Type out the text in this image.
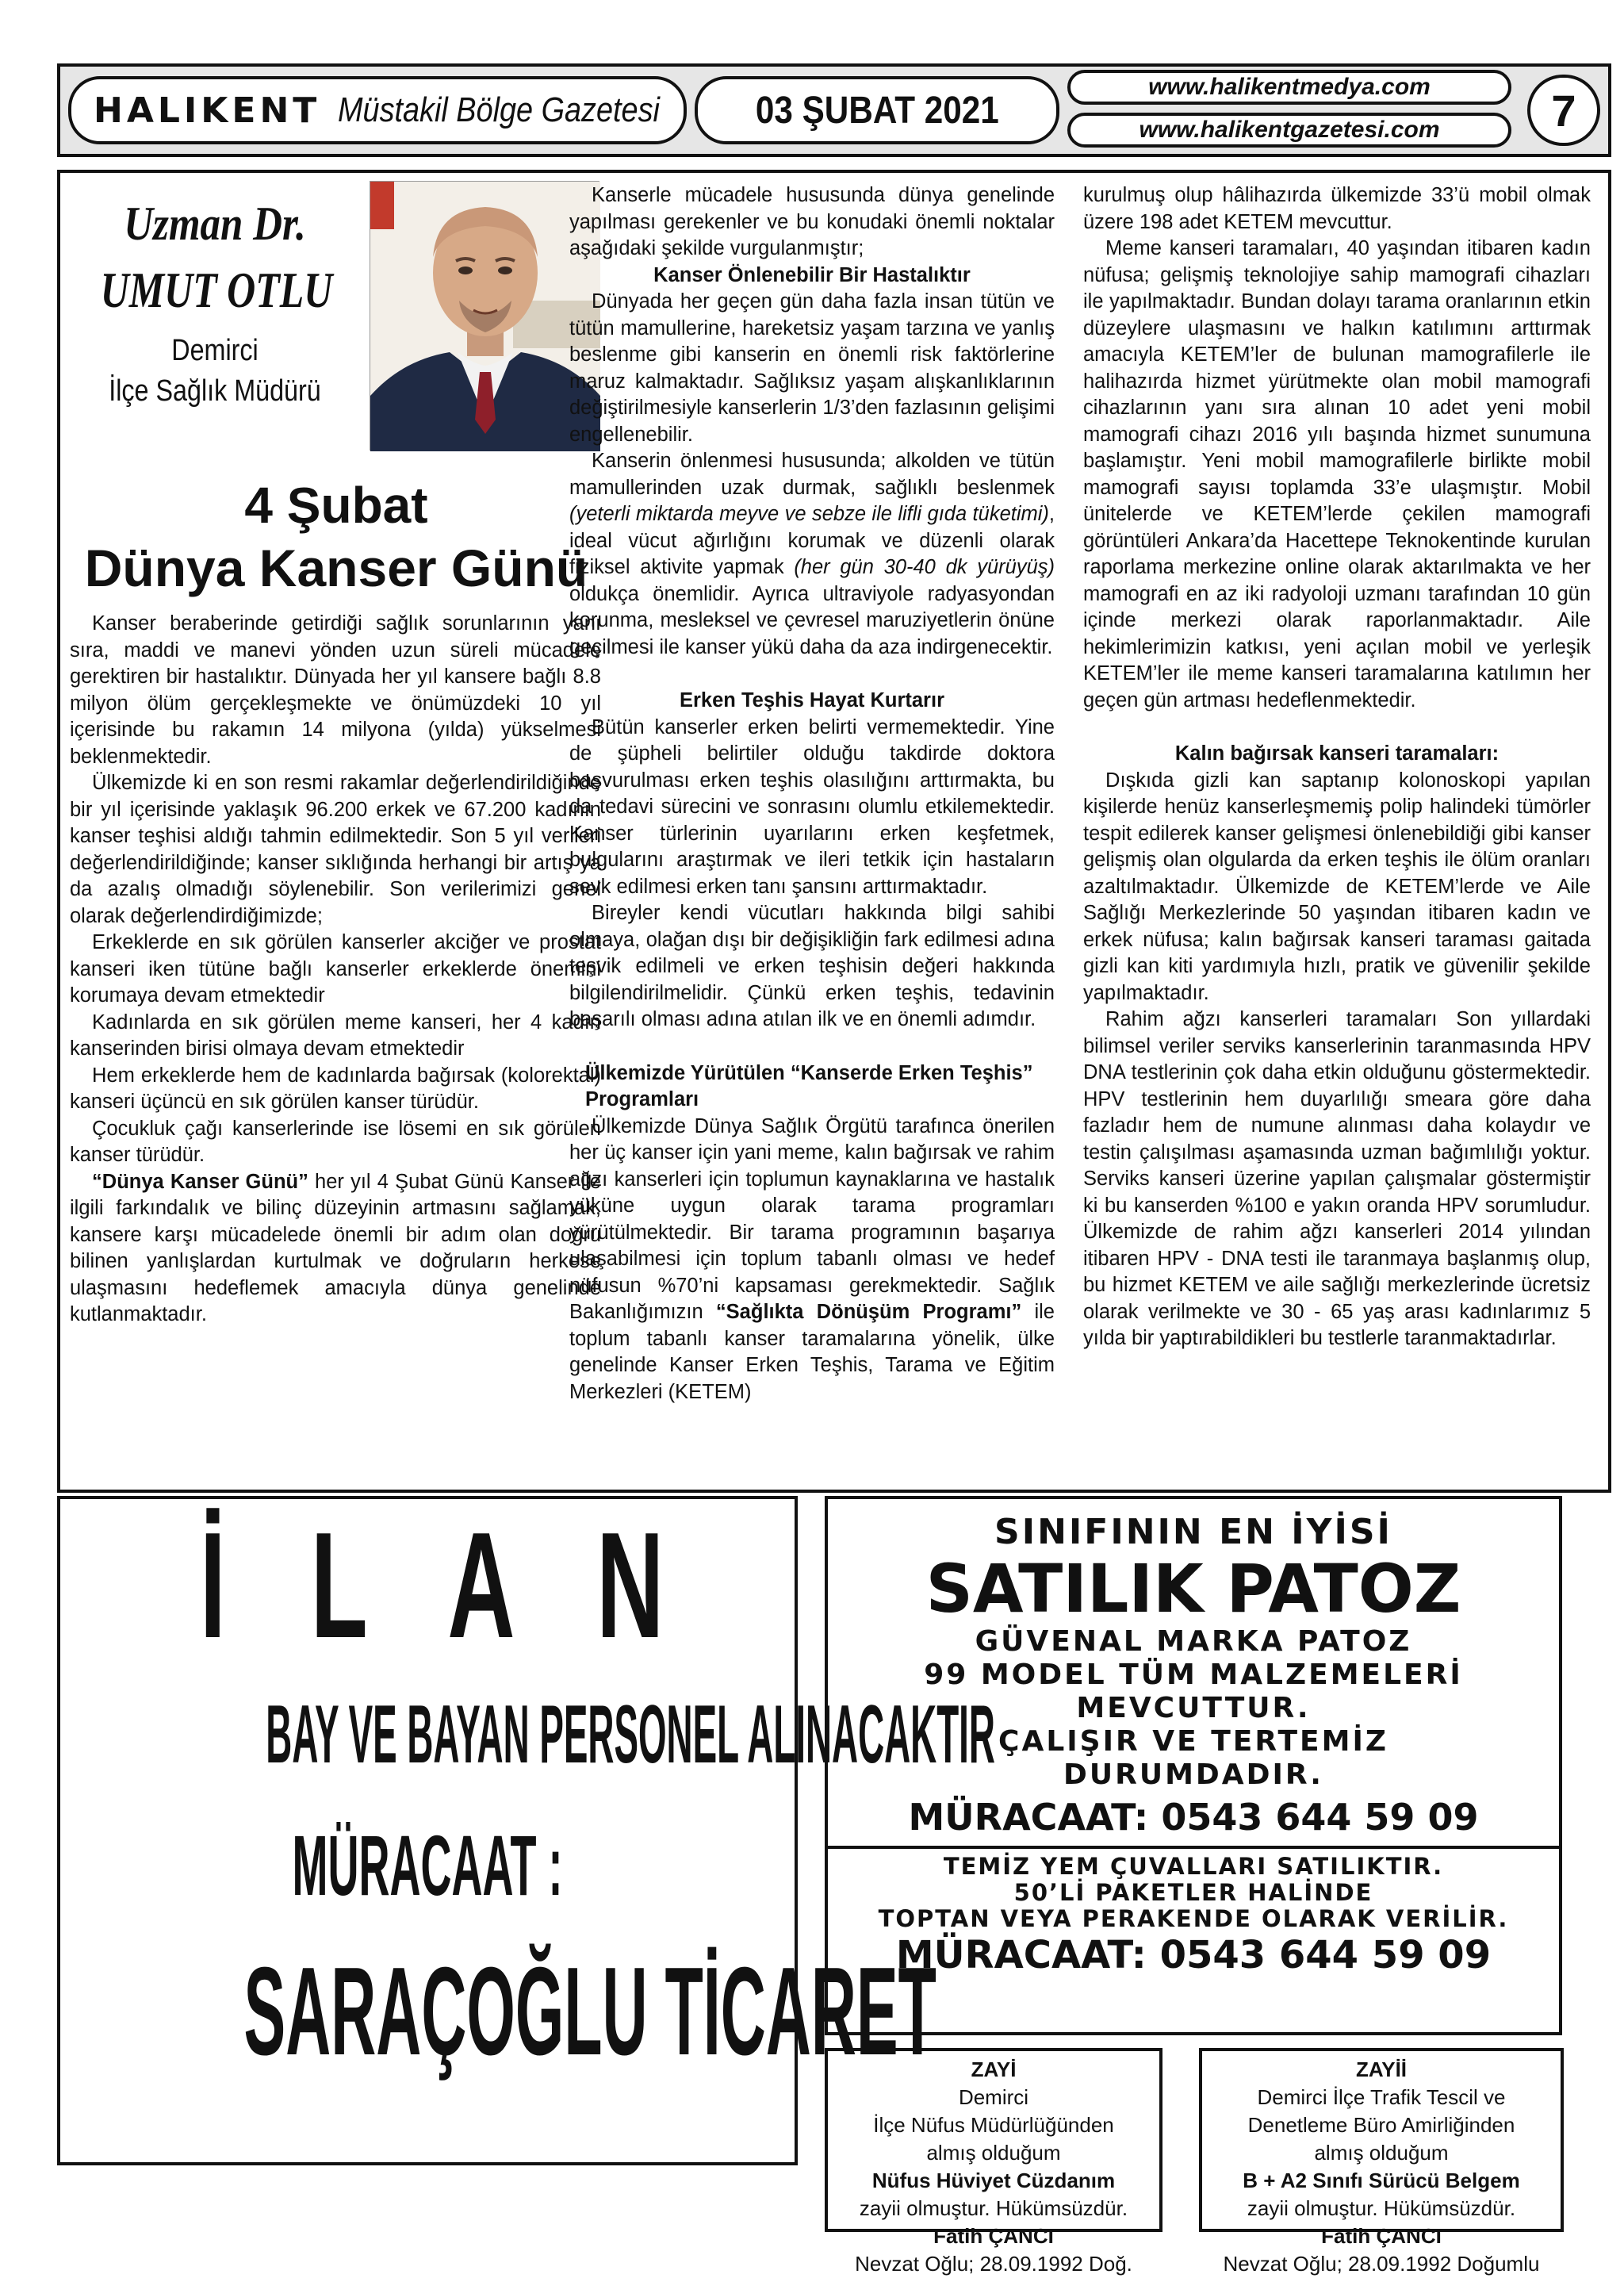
HALIKENT Müstakil Bölge Gazetesi	03 ŞUBAT 2021
www.halikentmedya.com
www.halikentgazetesi.com	7
Uzman Dr.
UMUT OTLU
Demirci
İlçe Sağlık Müdürü
4 Şubat
Dünya Kanser Günü

Kanser beraberinde getirdiği sağlık sorunlarının yanı sıra, maddi ve manevi yönden uzun süreli mücadele gerektiren bir hastalıktır. Dünyada her yıl kansere bağlı 8.8 milyon ölüm gerçekleşmekte ve önümüzdeki 10 yıl içerisinde bu rakamın 14 milyona (yılda) yükselmesi beklenmektedir.

Ülkemizde ki en son resmi rakamlar değerlendirildiğinde bir yıl içerisinde yaklaşık 96.200 erkek ve 67.200 kadının kanser teşhisi aldığı tahmin edilmektedir. Son 5 yıl verileri değerlendirildiğinde; kanser sıklığında herhangi bir artış ya da azalış olmadığı söylenebilir. Son verilerimizi genel olarak değerlendirdiğimizde;

Erkeklerde en sık görülen kanserler akciğer ve prostat kanseri iken tütüne bağlı kanserler erkeklerde önemini korumaya devam etmektedir

Kadınlarda en sık görülen meme kanseri, her 4 kadın kanserinden birisi olmaya devam etmektedir

Hem erkeklerde hem de kadınlarda bağırsak (kolorektal) kanseri üçüncü en sık görülen kanser türüdür.

Çocukluk çağı kanserlerinde ise lösemi en sık görülen kanser türüdür.

“Dünya Kanser Günü” her yıl 4 Şubat Günü Kanser ile ilgili farkındalık ve bilinç düzeyinin artmasını sağlamak, kansere karşı mücadelede önemli bir adım olan doğru bilinen yanlışlardan kurtulmak ve doğruların herkese ulaşmasını hedeflemek amacıyla dünya genelinde kutlanmaktadır.

Kanserle mücadele hususunda dünya genelinde yapılması gerekenler ve bu konudaki önemli noktalar aşağıdaki şekilde vurgulanmıştır;

Kanser Önlenebilir Bir Hastalıktır

Dünyada her geçen gün daha fazla insan tütün ve tütün mamullerine, hareketsiz yaşam tarzına ve yanlış beslenme gibi kanserin en önemli risk faktörlerine maruz kalmaktadır. Sağlıksız yaşam alışkanlıklarının değiştirilmesiyle kanserlerin 1/3’den fazlasının gelişimi engellenebilir.

Kanserin önlenmesi hususunda; alkolden ve tütün mamullerinden uzak durmak, sağlıklı beslenmek (yeterli miktarda meyve ve sebze ile lifli gıda tüketimi), ideal vücut ağırlığını korumak ve düzenli olarak fiziksel aktivite yapmak (her gün 30-40 dk yürüyüş) oldukça önemlidir. Ayrıca ultraviyole radyasyondan korunma, mesleksel ve çevresel maruziyetlerin önüne geçilmesi ile kanser yükü daha da aza indirgenecektir.

Erken Teşhis Hayat Kurtarır

Bütün kanserler erken belirti vermemektedir. Yine de şüpheli belirtiler olduğu takdirde doktora başvurulması erken teşhis olasılığını arttırmakta, bu da tedavi sürecini ve sonrasını olumlu etkilemektedir. Kanser türlerinin uyarılarını erken keşfetmek, bulgularını araştırmak ve ileri tetkik için hastaların sevk edilmesi erken tanı şansını arttırmaktadır.

Bireyler kendi vücutları hakkında bilgi sahibi olmaya, olağan dışı bir değişikliğin fark edilmesi adına teşvik edilmeli ve erken teşhisin değeri hakkında bilgilendirilmelidir. Çünkü erken teşhis, tedavinin başarılı olması adına atılan ilk ve en önemli adımdır.

Ülkemizde Yürütülen “Kanserde Erken Teşhis” Programları

Ülkemizde Dünya Sağlık Örgütü tarafınca önerilen her üç kanser için yani meme, kalın bağırsak ve rahim ağzı kanserleri için toplumun kaynaklarına ve hastalık yüküne uygun olarak tarama programları yürütülmektedir. Bir tarama programının başarıya ulaşabilmesi için toplum tabanlı olması ve hedef nüfusun %70’ni kapsaması gerekmektedir. Sağlık Bakanlığımızın “Sağlıkta Dönüşüm Programı” ile toplum tabanlı kanser taramalarına yönelik, ülke genelinde Kanser Erken Teşhis, Tarama ve Eğitim Merkezleri (KETEM)

kurulmuş olup hâlihazırda ülkemizde 33’ü mobil olmak üzere 198 adet KETEM mevcuttur.

Meme kanseri taramaları, 40 yaşından itibaren kadın nüfusa; gelişmiş teknolojiye sahip mamografi cihazları ile yapılmaktadır. Bundan dolayı tarama oranlarının etkin düzeylere ulaşmasını ve halkın katılımını arttırmak amacıyla KETEM’ler de bulunan mamografilerle ile halihazırda hizmet yürütmekte olan mobil mamografi cihazlarının yanı sıra alınan 10 adet yeni mobil mamografi cihazı 2016 yılı başında hizmet sunumuna başlamıştır. Yeni mobil mamografilerle birlikte mobil mamografi sayısı toplamda 33’e ulaşmıştır. Mobil ünitelerde ve KETEM’lerde çekilen mamografi görüntüleri Ankara’da Hacettepe Teknokentinde kurulan raporlama merkezine online olarak aktarılmakta ve her mamografi en az iki radyoloji uzmanı tarafından 10 gün içinde merkezi olarak raporlanmaktadır. Aile hekimlerimizin katkısı, yeni açılan mobil ve yerleşik KETEM’ler ile meme kanseri taramalarına katılımın her geçen gün artması hedeflenmektedir.

Kalın bağırsak kanseri taramaları:

Dışkıda gizli kan saptanıp kolonoskopi yapılan kişilerde henüz kanserleşmemiş polip halindeki tümörler tespit edilerek kanser gelişmesi önlenebildiği gibi kanser gelişmiş olan olgularda da erken teşhis ile ölüm oranları azaltılmaktadır. Ülkemizde de KETEM’lerde ve Aile Sağlığı Merkezlerinde 50 yaşından itibaren kadın ve erkek nüfusa; kalın bağırsak kanseri taraması gaitada gizli kan kiti yardımıyla hızlı, pratik ve güvenilir şekilde yapılmaktadır.

Rahim ağzı kanserleri taramaları Son yıllardaki bilimsel veriler serviks kanserlerinin taranmasında HPV DNA testlerinin çok daha etkin olduğunu göstermektedir. HPV testlerinin hem duyarlılığı smeara göre daha fazladır hem de numune alınması daha kolaydır ve testin çalışılması aşamasında uzman bağımlılığı yoktur. Serviks kanseri üzerine yapılan çalışmalar göstermiştir ki bu kanserden %100 e yakın oranda HPV sorumludur. Ülkemizde de rahim ağzı kanserleri 2014 yılından itibaren HPV - DNA testi ile taranmaya başlanmış olup, bu hizmet KETEM ve aile sağlığı merkezlerinde ücretsiz olarak verilmekte ve 30 - 65 yaş arası kadınlarımız 5 yılda bir yaptırabildikleri bu testlerle taranmaktadırlar.

İ L A N
BAY VE BAYAN PERSONEL ALINACAKTIR
MÜRACAAT :
SARAÇOĞLU TİCARET
SINIFININ EN İYİSİ
SATILIK PATOZ
GÜVENAL MARKA PATOZ
99 MODEL TÜM MALZEMELERİ
MEVCUTTUR.
ÇALIŞIR VE TERTEMİZ
DURUMDADIR.
MÜRACAAT: 0543 644 59 09
TEMİZ YEM ÇUVALLARI SATILIKTIR.
50’Lİ PAKETLER HALİNDE
TOPTAN VEYA PERAKENDE OLARAK VERİLİR.
MÜRACAAT: 0543 644 59 09
ZAYİ
Demirci
İlçe Nüfus Müdürlüğünden
almış olduğum
Nüfus Hüviyet Cüzdanım
zayii olmuştur. Hükümsüzdür.
Fatih ÇANCI
Nevzat Oğlu; 28.09.1992 Doğ.
ZAYİİ
Demirci İlçe Trafik Tescil ve
Denetleme Büro Amirliğinden
almış olduğum
B + A2 Sınıfı Sürücü Belgem
zayii olmuştur. Hükümsüzdür.
Fatih ÇANCI
Nevzat Oğlu; 28.09.1992 Doğumlu
